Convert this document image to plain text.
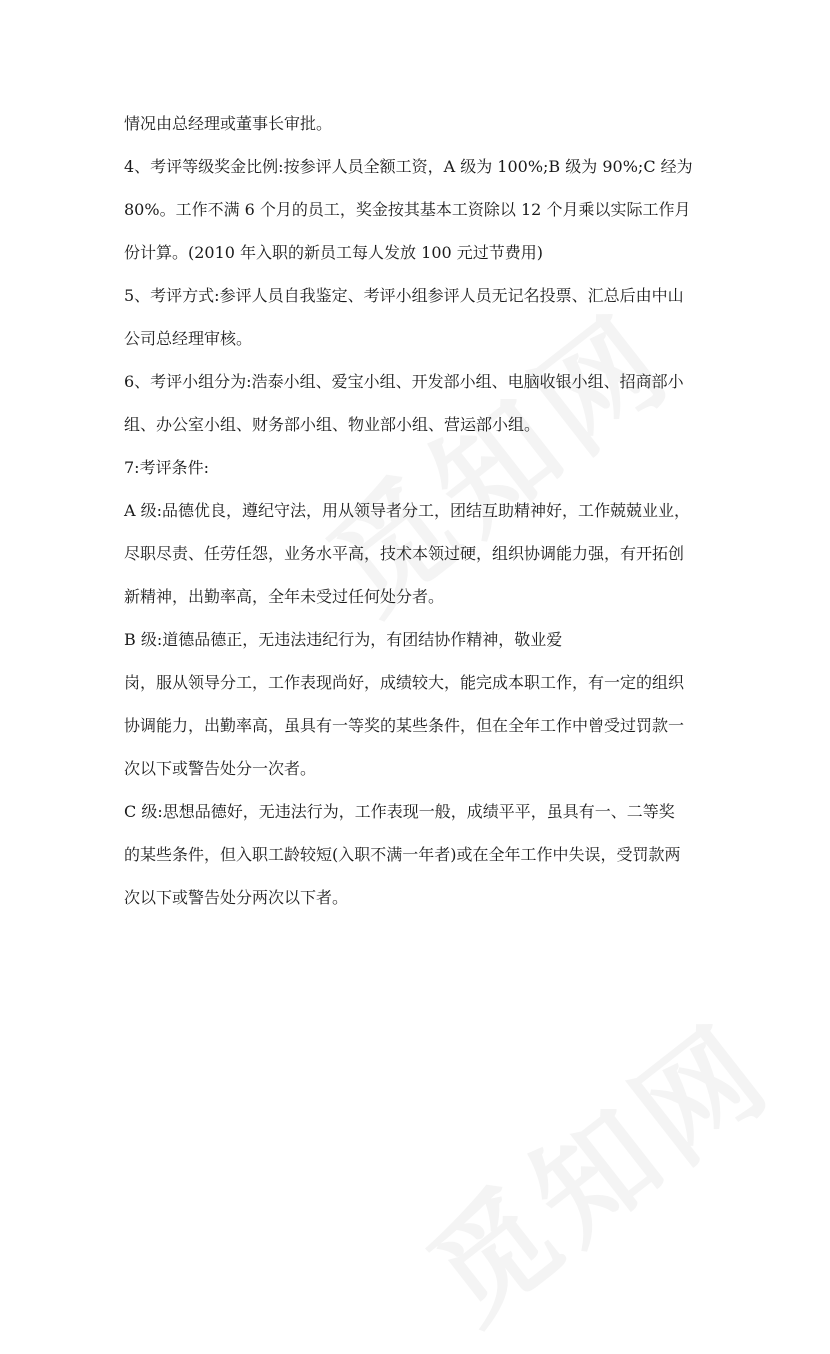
情况由总经理或董事长审批。
4、考评等级奖金比例:按参评人员全额工资，A 级为 100%;B 级为 90%;C 经为
80%。工作不满 6 个月的员工，奖金按其基本工资除以 12 个月乘以实际工作月
份计算。(2010 年入职的新员工每人发放 100 元过节费用)
5、考评方式:参评人员自我鉴定、考评小组参评人员无记名投票、汇总后由中山
公司总经理审核。
6、考评小组分为:浩泰小组、爱宝小组、开发部小组、电脑收银小组、招商部小
组、办公室小组、财务部小组、物业部小组、营运部小组。
7:考评条件:
A 级:品德优良，遵纪守法，用从领导者分工，团结互助精神好，工作兢兢业业，
尽职尽责、任劳任怨，业务水平高，技术本领过硬，组织协调能力强，有开拓创
新精神，出勤率高，全年未受过任何处分者。
B 级:道德品德正，无违法违纪行为，有团结协作精神，敬业爱
岗，服从领导分工，工作表现尚好，成绩较大，能完成本职工作，有一定的组织
协调能力，出勤率高，虽具有一等奖的某些条件，但在全年工作中曾受过罚款一
次以下或警告处分一次者。
C 级:思想品德好，无违法行为，工作表现一般，成绩平平，虽具有一、二等奖
的某些条件，但入职工龄较短(入职不满一年者)或在全年工作中失误，受罚款两
次以下或警告处分两次以下者。
